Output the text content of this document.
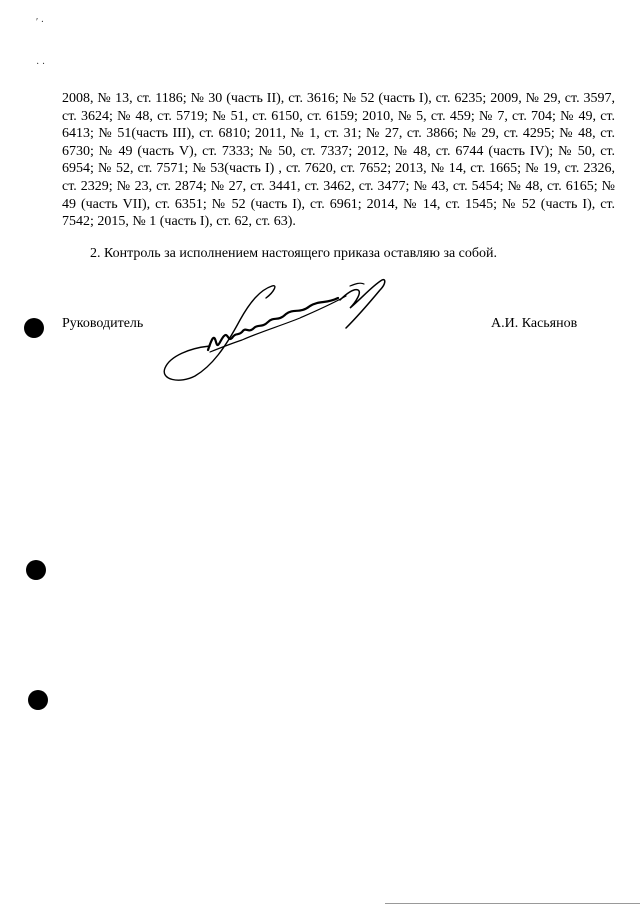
′ ·
· ·

2008, № 13, ст. 1186; № 30 (часть II), ст. 3616; № 52 (часть I), ст. 6235; 2009, № 29, ст. 3597, ст. 3624; № 48, ст. 5719; № 51, ст. 6150, ст. 6159; 2010, № 5, ст. 459; № 7, ст. 704; № 49, ст. 6413; № 51(часть III), ст. 6810; 2011, № 1, ст. 31; № 27, ст. 3866; № 29, ст. 4295; № 48, ст. 6730; № 49 (часть V), ст. 7333; № 50, ст. 7337; 2012, № 48, ст. 6744 (часть IV); № 50, ст. 6954; № 52, ст. 7571; № 53(часть I) , ст. 7620, ст. 7652; 2013, № 14, ст. 1665; № 19, ст. 2326, ст. 2329; № 23, ст. 2874; № 27, ст. 3441, ст. 3462, ст. 3477; № 43, ст. 5454; № 48, ст. 6165; № 49 (часть VII), ст. 6351; № 52 (часть I), ст. 6961; 2014, № 14, ст. 1545; № 52 (часть I), ст. 7542; 2015, № 1 (часть I), ст. 62, ст. 63).

2. Контроль за исполнением настоящего приказа оставляю за собой.

Руководитель	А.И. Касьянов
